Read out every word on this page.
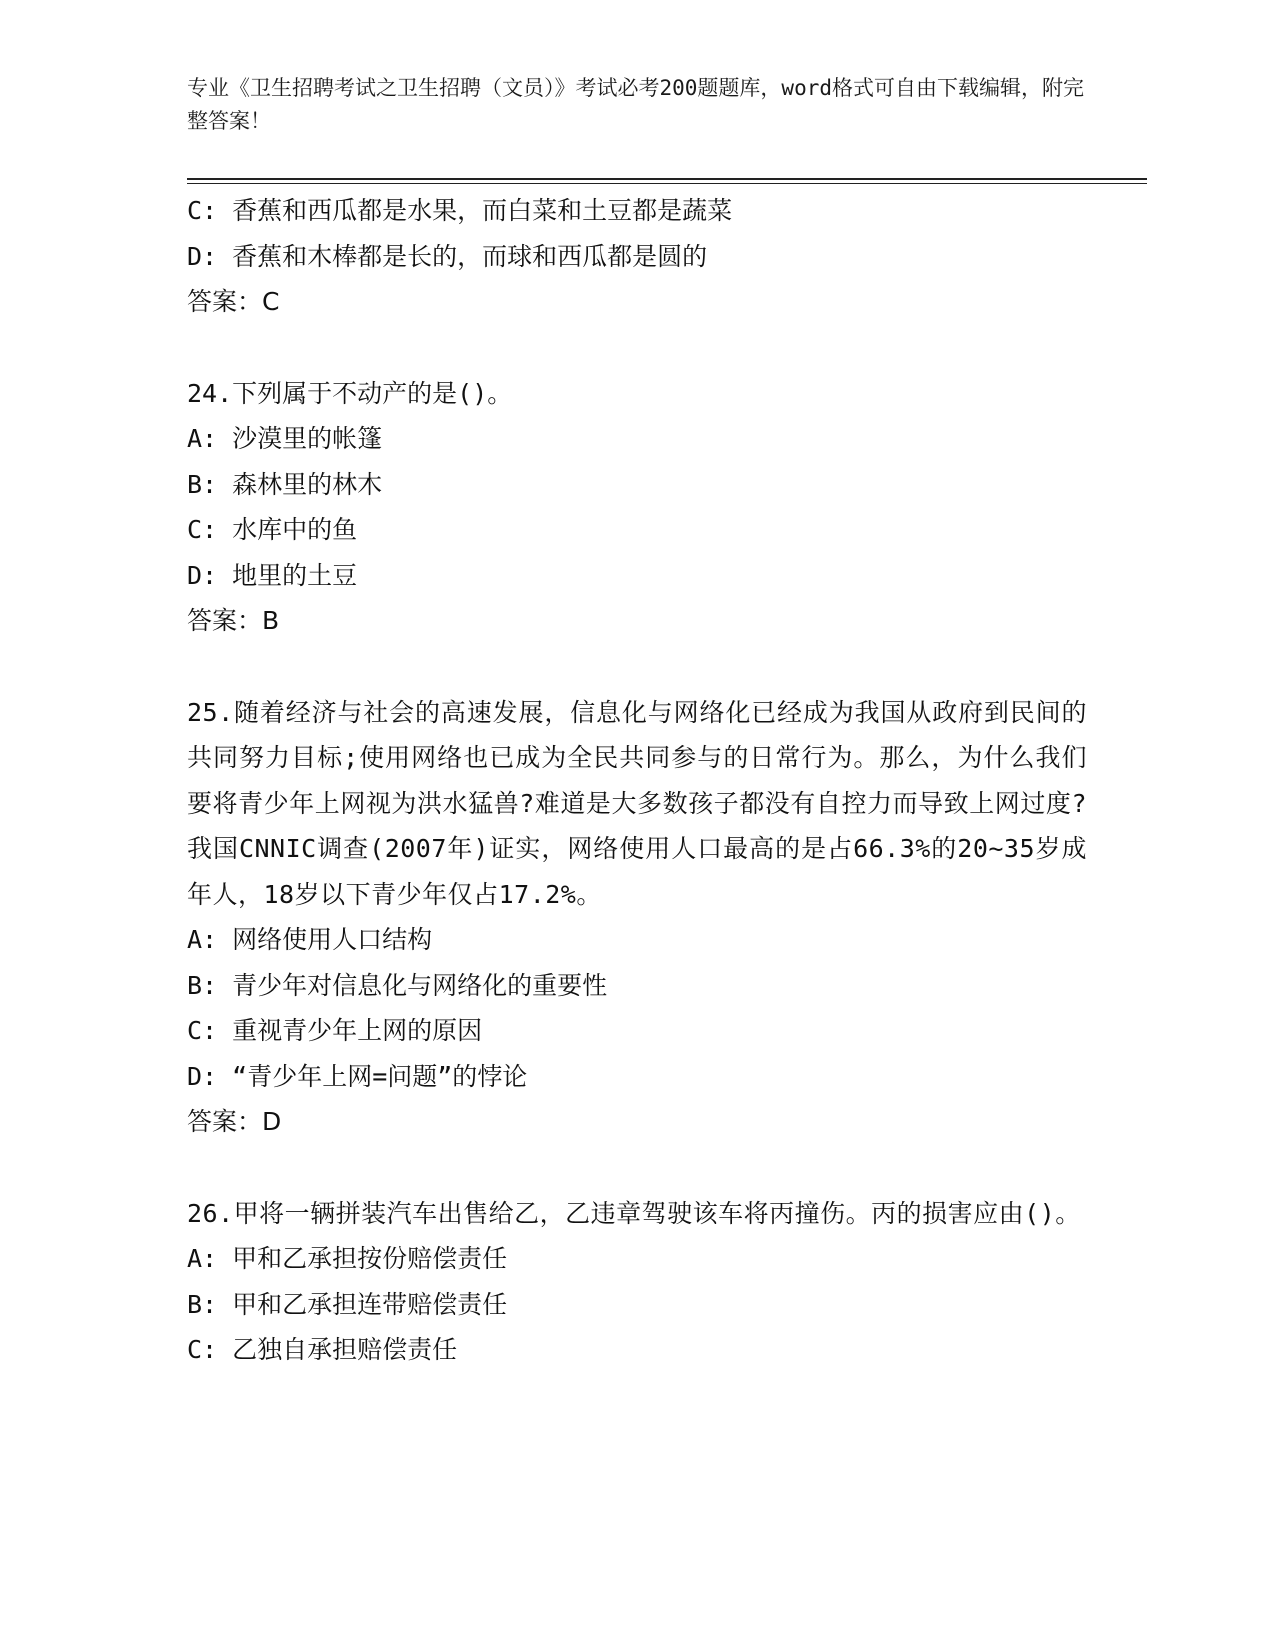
专业《卫生招聘考试之卫生招聘（文员）》考试必考200题题库，word格式可自由下载编辑，附完整答案！
C: 香蕉和西瓜都是水果，而白菜和土豆都是蔬菜
D: 香蕉和木棒都是长的，而球和西瓜都是圆的
答案：C
24.下列属于不动产的是()。
A: 沙漠里的帐篷
B: 森林里的林木
C: 水库中的鱼
D: 地里的土豆
答案：B
25.随着经济与社会的高速发展，信息化与网络化已经成为我国从政府到民间的共同努力目标;使用网络也已成为全民共同参与的日常行为。那么，为什么我们要将青少年上网视为洪水猛兽?难道是大多数孩子都没有自控力而导致上网过度?我国CNNIC调查(2007年)证实，网络使用人口最高的是占66.3%的20~35岁成年人，18岁以下青少年仅占17.2%。
A: 网络使用人口结构
B: 青少年对信息化与网络化的重要性
C: 重视青少年上网的原因
D: “青少年上网=问题”的悖论
答案：D
26.甲将一辆拼装汽车出售给乙，乙违章驾驶该车将丙撞伤。丙的损害应由()。
A: 甲和乙承担按份赔偿责任
B: 甲和乙承担连带赔偿责任
C: 乙独自承担赔偿责任
